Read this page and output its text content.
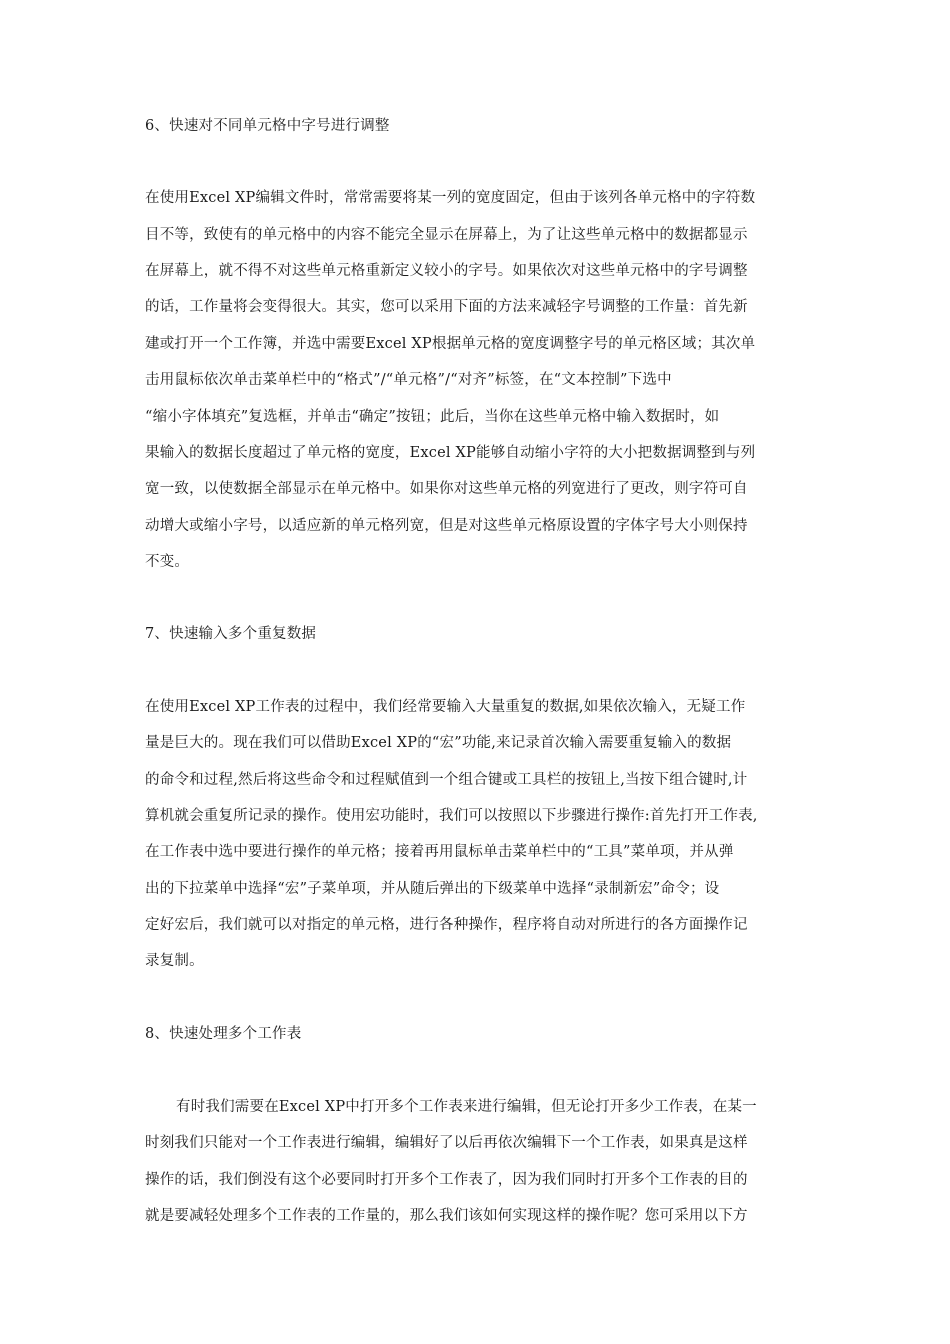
6、快速对不同单元格中字号进行调整
在使用Excel XP编辑文件时，常常需要将某一列的宽度固定，但由于该列各单元格中的字符数
目不等，致使有的单元格中的内容不能完全显示在屏幕上，为了让这些单元格中的数据都显示
在屏幕上，就不得不对这些单元格重新定义较小的字号。如果依次对这些单元格中的字号调整
的话，工作量将会变得很大。其实，您可以采用下面的方法来减轻字号调整的工作量：首先新
建或打开一个工作簿，并选中需要Excel XP根据单元格的宽度调整字号的单元格区域；其次单
击用鼠标依次单击菜单栏中的“格式”/“单元格”/“对齐”标签，在“文本控制”下选中
“缩小字体填充”复选框，并单击“确定”按钮；此后，当你在这些单元格中输入数据时，如
果输入的数据长度超过了单元格的宽度，Excel XP能够自动缩小字符的大小把数据调整到与列
宽一致，以使数据全部显示在单元格中。如果你对这些单元格的列宽进行了更改，则字符可自
动增大或缩小字号，以适应新的单元格列宽，但是对这些单元格原设置的字体字号大小则保持
不变。
7、快速输入多个重复数据
在使用Excel XP工作表的过程中，我们经常要输入大量重复的数据,如果依次输入，无疑工作
量是巨大的。现在我们可以借助Excel XP的“宏”功能,来记录首次输入需要重复输入的数据
的命令和过程,然后将这些命令和过程赋值到一个组合键或工具栏的按钮上,当按下组合键时,计
算机就会重复所记录的操作。使用宏功能时，我们可以按照以下步骤进行操作:首先打开工作表,
在工作表中选中要进行操作的单元格；接着再用鼠标单击菜单栏中的“工具”菜单项，并从弹
出的下拉菜单中选择“宏”子菜单项，并从随后弹出的下级菜单中选择“录制新宏”命令；设
定好宏后，我们就可以对指定的单元格，进行各种操作，程序将自动对所进行的各方面操作记
录复制。
8、快速处理多个工作表
有时我们需要在Excel XP中打开多个工作表来进行编辑，但无论打开多少工作表，在某一
时刻我们只能对一个工作表进行编辑，编辑好了以后再依次编辑下一个工作表，如果真是这样
操作的话，我们倒没有这个必要同时打开多个工作表了，因为我们同时打开多个工作表的目的
就是要减轻处理多个工作表的工作量的，那么我们该如何实现这样的操作呢？您可采用以下方
